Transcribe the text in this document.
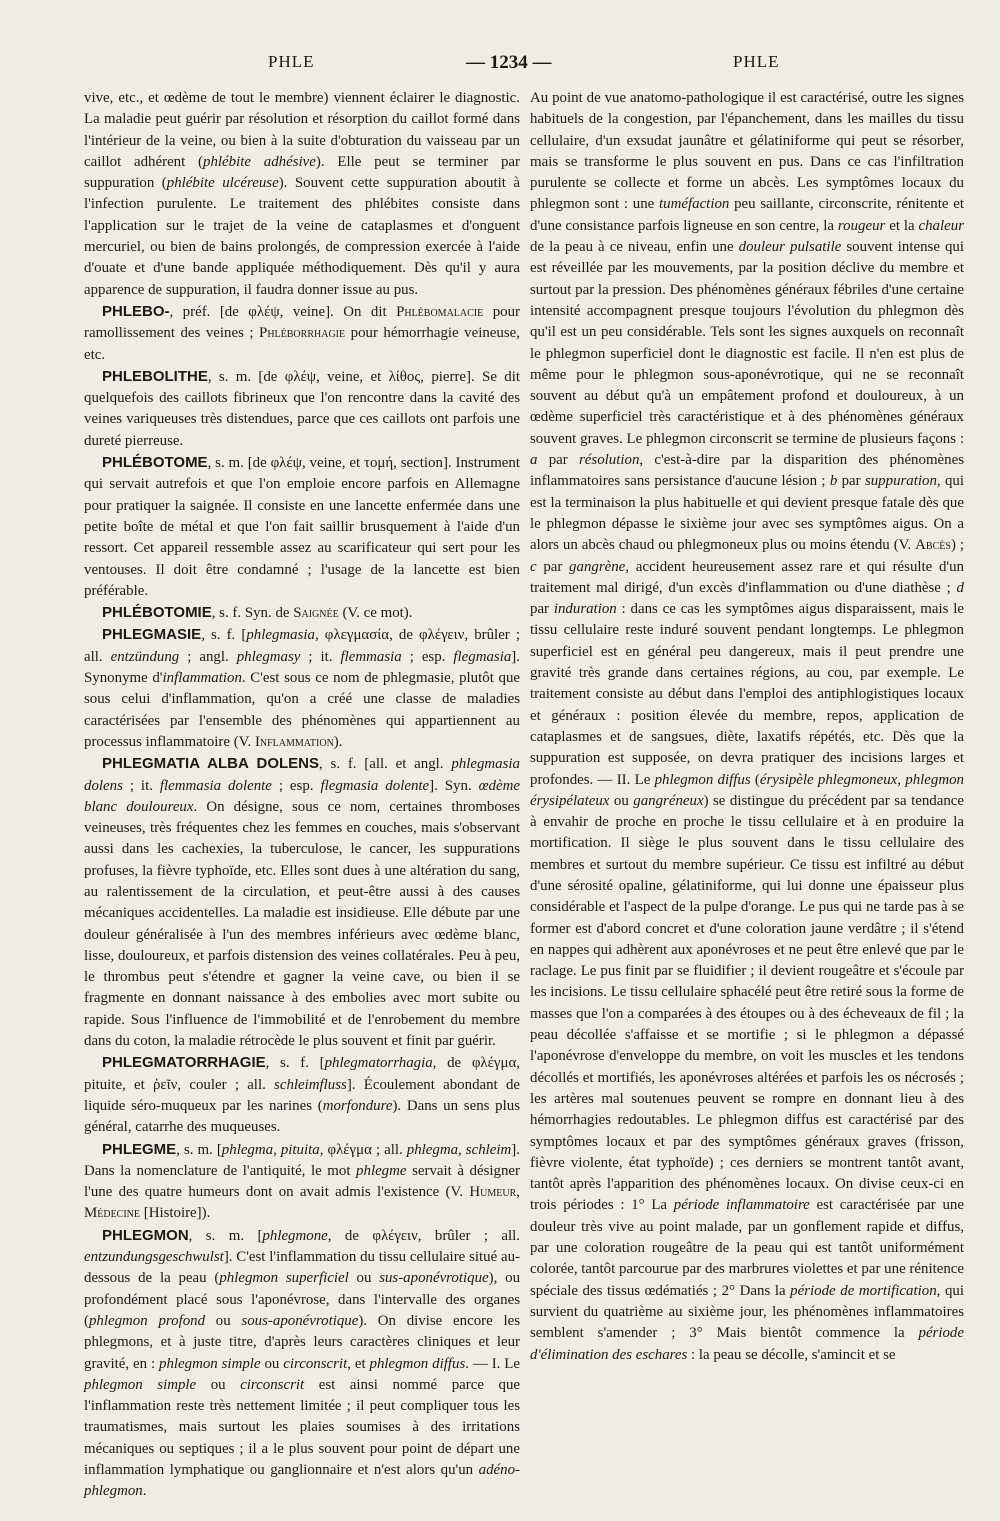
PHLE	— 1234 —	PHLE

vive, etc., et œdème de tout le membre) viennent éclairer le diagnostic. La maladie peut guérir par résolution et résorption du caillot formé dans l'intérieur de la veine, ou bien à la suite d'obturation du vaisseau par un caillot adhérent (phlébite adhésive). Elle peut se terminer par suppuration (phlébite ulcéreuse). Souvent cette suppuration aboutit à l'infection purulente. Le traitement des phlébites consiste dans l'application sur le trajet de la veine de cataplasmes et d'onguent mercuriel, ou bien de bains prolongés, de compression exercée à l'aide d'ouate et d'une bande appliquée méthodiquement. Dès qu'il y aura apparence de suppuration, il faudra donner issue au pus.

PHLEBO-, préf. [de φλέψ, veine]. On dit Phlébomalacie pour ramollissement des veines ; Phléborrhagie pour hémorrhagie veineuse, etc.

PHLEBOLITHE, s. m. [de φλέψ, veine, et λίθος, pierre]. Se dit quelquefois des caillots fibrineux que l'on rencontre dans la cavité des veines variqueuses très distendues, parce que ces caillots ont parfois une dureté pierreuse.

PHLÉBOTOME, s. m. [de φλέψ, veine, et τομή, section]. Instrument qui servait autrefois et que l'on emploie encore parfois en Allemagne pour pratiquer la saignée. Il consiste en une lancette enfermée dans une petite boîte de métal et que l'on fait saillir brusquement à l'aide d'un ressort. Cet appareil ressemble assez au scarificateur qui sert pour les ventouses. Il doit être condamné ; l'usage de la lancette est bien préférable.

PHLÉBOTOMIE, s. f. Syn. de Saignée (V. ce mot).

PHLEGMASIE, s. f. [phlegmasia, φλεγμασία, de φλέγειν, brûler ; all. entzündung ; angl. phlegmasy ; it. flemmasia ; esp. flegmasia]. Synonyme d'inflammation. C'est sous ce nom de phlegmasie, plutôt que sous celui d'inflammation, qu'on a créé une classe de maladies caractérisées par l'ensemble des phénomènes qui appartiennent au processus inflammatoire (V. Inflammation).

PHLEGMATIA ALBA DOLENS, s. f. [all. et angl. phlegmasia dolens ; it. flemmasia dolente ; esp. flegmasia dolente]. Syn. œdème blanc douloureux. On désigne, sous ce nom, certaines thromboses veineuses, très fréquentes chez les femmes en couches, mais s'observant aussi dans les cachexies, la tuberculose, le cancer, les suppurations profuses, la fièvre typhoïde, etc. Elles sont dues à une altération du sang, au ralentissement de la circulation, et peut-être aussi à des causes mécaniques accidentelles. La maladie est insidieuse. Elle débute par une douleur généralisée à l'un des membres inférieurs avec œdème blanc, lisse, douloureux, et parfois distension des veines collatérales. Peu à peu, le thrombus peut s'étendre et gagner la veine cave, ou bien il se fragmente en donnant naissance à des embolies avec mort subite ou rapide. Sous l'influence de l'immobilité et de l'enrobement du membre dans du coton, la maladie rétrocède le plus souvent et finit par guérir.

PHLEGMATORRHAGIE, s. f. [phlegmatorrhagia, de φλέγμα, pituite, et ῥεῖν, couler ; all. schleimfluss]. Écoulement abondant de liquide séro-muqueux par les narines (morfondure). Dans un sens plus général, catarrhe des muqueuses.

PHLEGME, s. m. [phlegma, pituita, φλέγμα ; all. phlegma, schleim]. Dans la nomenclature de l'antiquité, le mot phlegme servait à désigner l'une des quatre humeurs dont on avait admis l'existence (V. Humeur, Médecine [Histoire]).

PHLEGMON, s. m. [phlegmone, de φλέγειν, brûler ; all. entzundungsgeschwulst]. C'est l'inflammation du tissu cellulaire situé au-dessous de la peau (phlegmon superficiel ou sus-aponévrotique), ou profondément placé sous l'aponévrose, dans l'intervalle des organes (phlegmon profond ou sous-aponévrotique). On divise encore les phlegmons, et à juste titre, d'après leurs caractères cliniques et leur gravité, en : phlegmon simple ou circonscrit, et phlegmon diffus. — I. Le phlegmon simple ou circonscrit est ainsi nommé parce que l'inflammation reste très nettement limitée ; il peut compliquer tous les traumatismes, mais surtout les plaies soumises à des irritations mécaniques ou septiques ; il a le plus souvent pour point de départ une inflammation lymphatique ou ganglionnaire et n'est alors qu'un adéno-phlegmon.

Au point de vue anatomo-pathologique il est caractérisé, outre les signes habituels de la congestion, par l'épanchement, dans les mailles du tissu cellulaire, d'un exsudat jaunâtre et gélatiniforme qui peut se résorber, mais se transforme le plus souvent en pus. Dans ce cas l'infiltration purulente se collecte et forme un abcès. Les symptômes locaux du phlegmon sont : une tuméfaction peu saillante, circonscrite, rénitente et d'une consistance parfois ligneuse en son centre, la rougeur et la chaleur de la peau à ce niveau, enfin une douleur pulsatile souvent intense qui est réveillée par les mouvements, par la position déclive du membre et surtout par la pression. Des phénomènes généraux fébriles d'une certaine intensité accompagnent presque toujours l'évolution du phlegmon dès qu'il est un peu considérable. Tels sont les signes auxquels on reconnaît le phlegmon superficiel dont le diagnostic est facile. Il n'en est plus de même pour le phlegmon sous-aponévrotique, qui ne se reconnaît souvent au début qu'à un empâtement profond et douloureux, à un œdème superficiel très caractéristique et à des phénomènes généraux souvent graves. Le phlegmon circonscrit se termine de plusieurs façons : a par résolution, c'est-à-dire par la disparition des phénomènes inflammatoires sans persistance d'aucune lésion ; b par suppuration, qui est la terminaison la plus habituelle et qui devient presque fatale dès que le phlegmon dépasse le sixième jour avec ses symptômes aigus. On a alors un abcès chaud ou phlegmoneux plus ou moins étendu (V. Abcès) ; c par gangrène, accident heureusement assez rare et qui résulte d'un traitement mal dirigé, d'un excès d'inflammation ou d'une diathèse ; d par induration : dans ce cas les symptômes aigus disparaissent, mais le tissu cellulaire reste induré souvent pendant longtemps. Le phlegmon superficiel est en général peu dangereux, mais il peut prendre une gravité très grande dans certaines régions, au cou, par exemple. Le traitement consiste au début dans l'emploi des antiphlogistiques locaux et généraux : position élevée du membre, repos, application de cataplasmes et de sangsues, diète, laxatifs répétés, etc. Dès que la suppuration est supposée, on devra pratiquer des incisions larges et profondes. — II. Le phlegmon diffus (érysipèle phlegmoneux, phlegmon érysipélateux ou gangréneux) se distingue du précédent par sa tendance à envahir de proche en proche le tissu cellulaire et à en produire la mortification. Il siège le plus souvent dans le tissu cellulaire des membres et surtout du membre supérieur. Ce tissu est infiltré au début d'une sérosité opaline, gélatiniforme, qui lui donne une épaisseur plus considérable et l'aspect de la pulpe d'orange. Le pus qui ne tarde pas à se former est d'abord concret et d'une coloration jaune verdâtre ; il s'étend en nappes qui adhèrent aux aponévroses et ne peut être enlevé que par le raclage. Le pus finit par se fluidifier ; il devient rougeâtre et s'écoule par les incisions. Le tissu cellulaire sphacélé peut être retiré sous la forme de masses que l'on a comparées à des étoupes ou à des écheveaux de fil ; la peau décollée s'affaisse et se mortifie ; si le phlegmon a dépassé l'aponévrose d'enveloppe du membre, on voit les muscles et les tendons décollés et mortifiés, les aponévroses altérées et parfois les os nécrosés ; les artères mal soutenues peuvent se rompre en donnant lieu à des hémorrhagies redoutables. Le phlegmon diffus est caractérisé par des symptômes locaux et par des symptômes généraux graves (frisson, fièvre violente, état typhoïde) ; ces derniers se montrent tantôt avant, tantôt après l'apparition des phénomènes locaux. On divise ceux-ci en trois périodes : 1° La période inflammatoire est caractérisée par une douleur très vive au point malade, par un gonflement rapide et diffus, par une coloration rougeâtre de la peau qui est tantôt uniformément colorée, tantôt parcourue par des marbrures violettes et par une rénitence spéciale des tissus œdématiés ; 2° Dans la période de mortification, qui survient du quatrième au sixième jour, les phénomènes inflammatoires semblent s'amender ; 3° Mais bientôt commence la période d'élimination des eschares : la peau se décolle, s'amincit et se
